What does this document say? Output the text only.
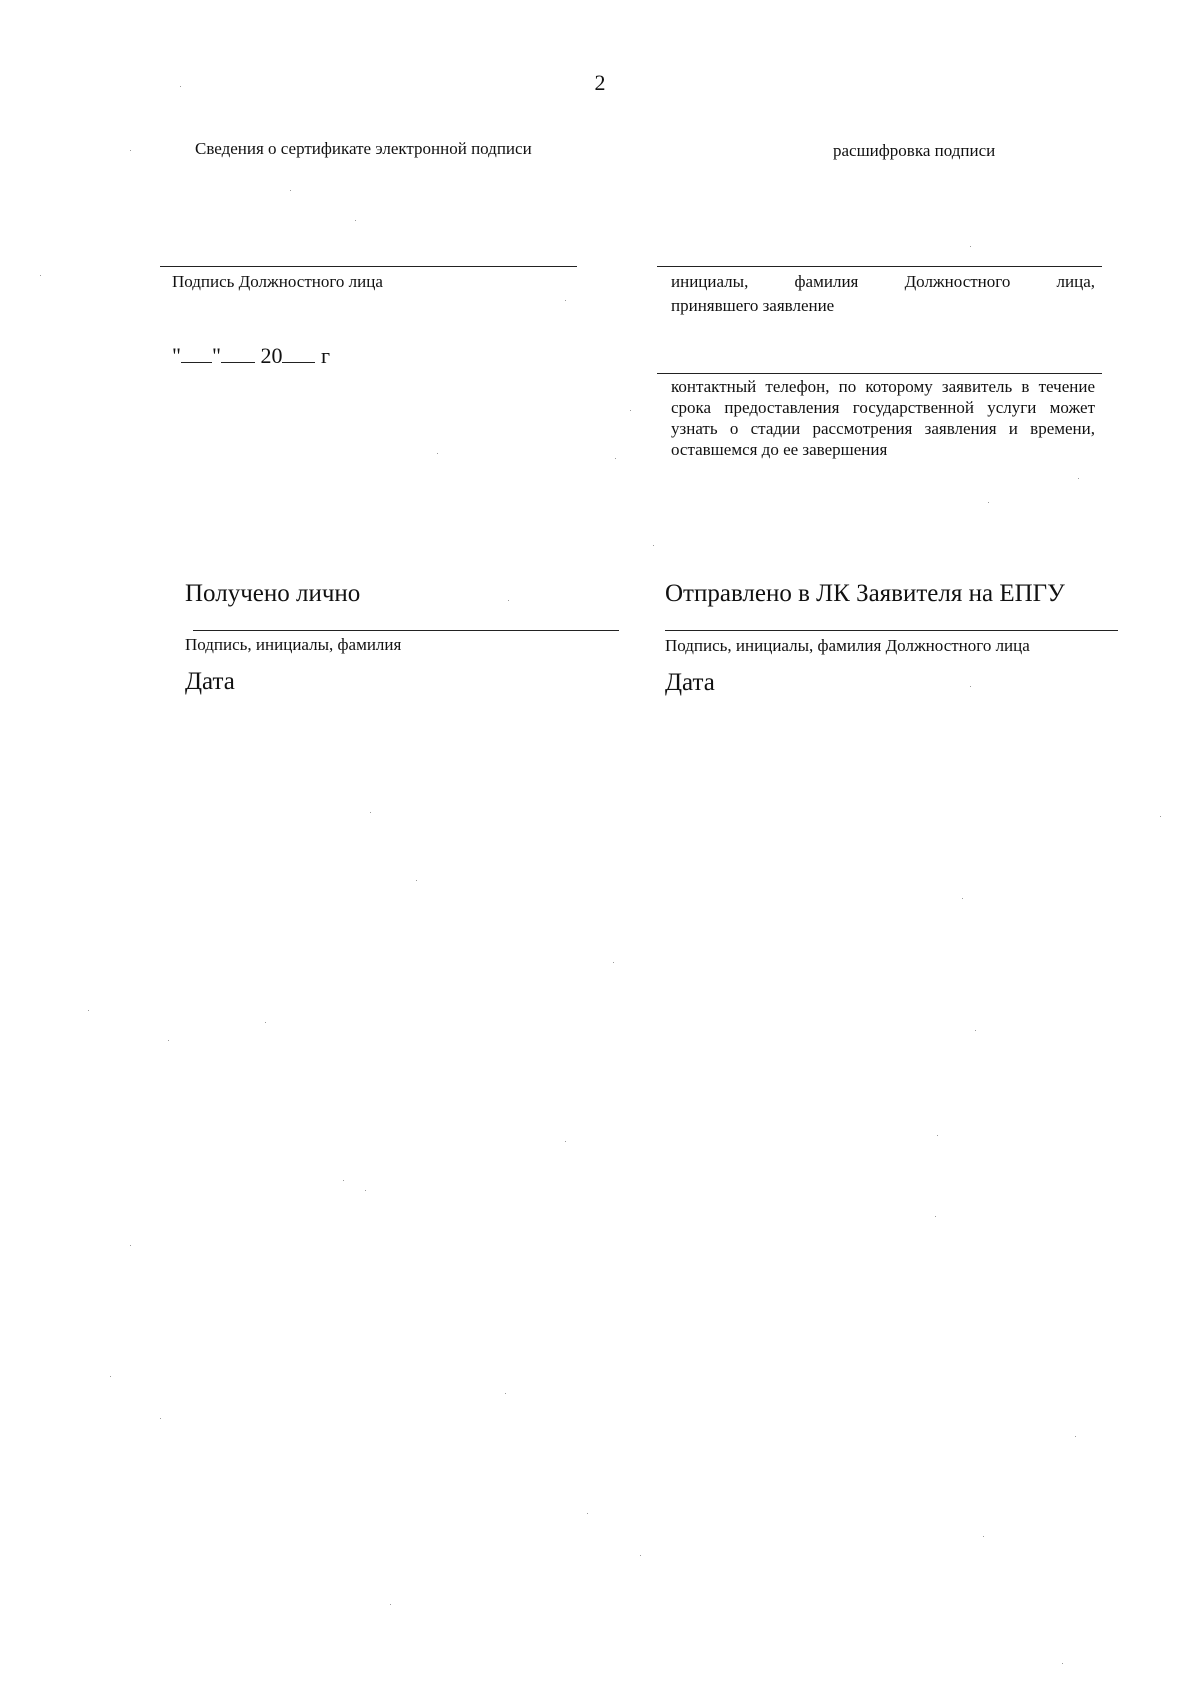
2
Сведения о сертификате электронной подписи	расшифровка подписи
Подпись Должностного лица	инициалы, фамилия Должностного лица,
принявшего заявление
" " 20 г
контактный телефон, по которому заявитель в течение срока предоставления государственной услуги может узнать о стадии рассмотрения заявления и времени, оставшемся до ее завершения
Получено лично	Отправлено в ЛК Заявителя на ЕПГУ
Подпись, инициалы, фамилия	Подпись, инициалы, фамилия Должностного лица
Дата	Дата
